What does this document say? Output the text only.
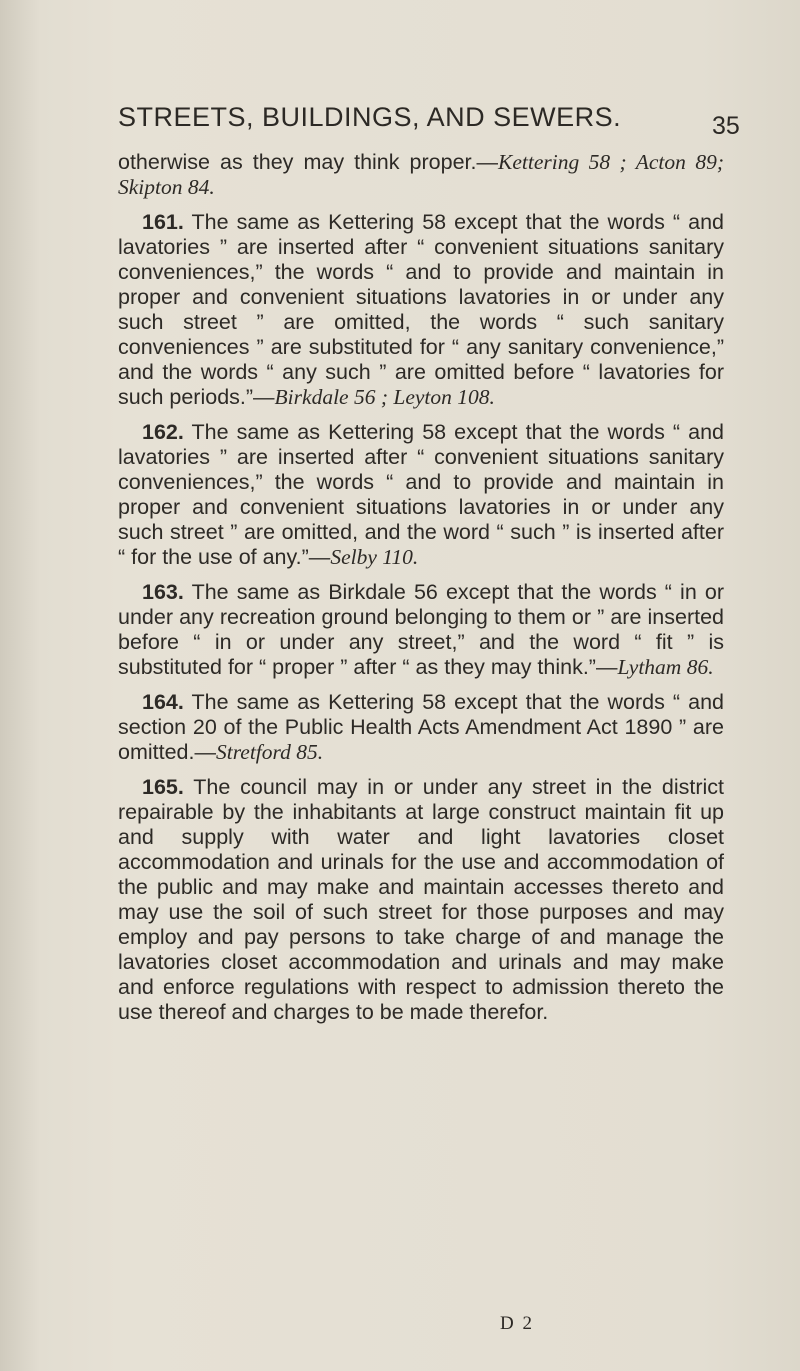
STREETS, BUILDINGS, AND SEWERS.	35

otherwise as they may think proper.—Kettering 58 ; Acton 89; Skipton 84.

161. The same as Kettering 58 except that the words “ and lavatories ” are inserted after “ convenient situations sanitary conveniences,” the words “ and to provide and maintain in proper and convenient situations lavatories in or under any such street ” are omitted, the words “ such sanitary conveniences ” are substituted for “ any sanitary convenience,” and the words “ any such ” are omitted before “ lavatories for such periods.”—Birkdale 56 ; Leyton 108.

162. The same as Kettering 58 except that the words “ and lavatories ” are inserted after “ convenient situations sanitary conveniences,” the words “ and to provide and maintain in proper and convenient situations lavatories in or under any such street ” are omitted, and the word “ such ” is inserted after “ for the use of any.”—Selby 110.

163. The same as Birkdale 56 except that the words “ in or under any recreation ground belonging to them or ” are inserted before “ in or under any street,” and the word “ fit ” is substituted for “ proper ” after “ as they may think.”—Lytham 86.

164. The same as Kettering 58 except that the words “ and section 20 of the Public Health Acts Amendment Act 1890 ” are omitted.—Stretford 85.

165. The council may in or under any street in the district repairable by the inhabitants at large construct maintain fit up and supply with water and light lavatories closet accommodation and urinals for the use and accommodation of the public and may make and maintain accesses thereto and may use the soil of such street for those purposes and may employ and pay persons to take charge of and manage the lavatories closet accommodation and urinals and may make and enforce regulations with respect to admission thereto the use thereof and charges to be made therefor.

D 2
